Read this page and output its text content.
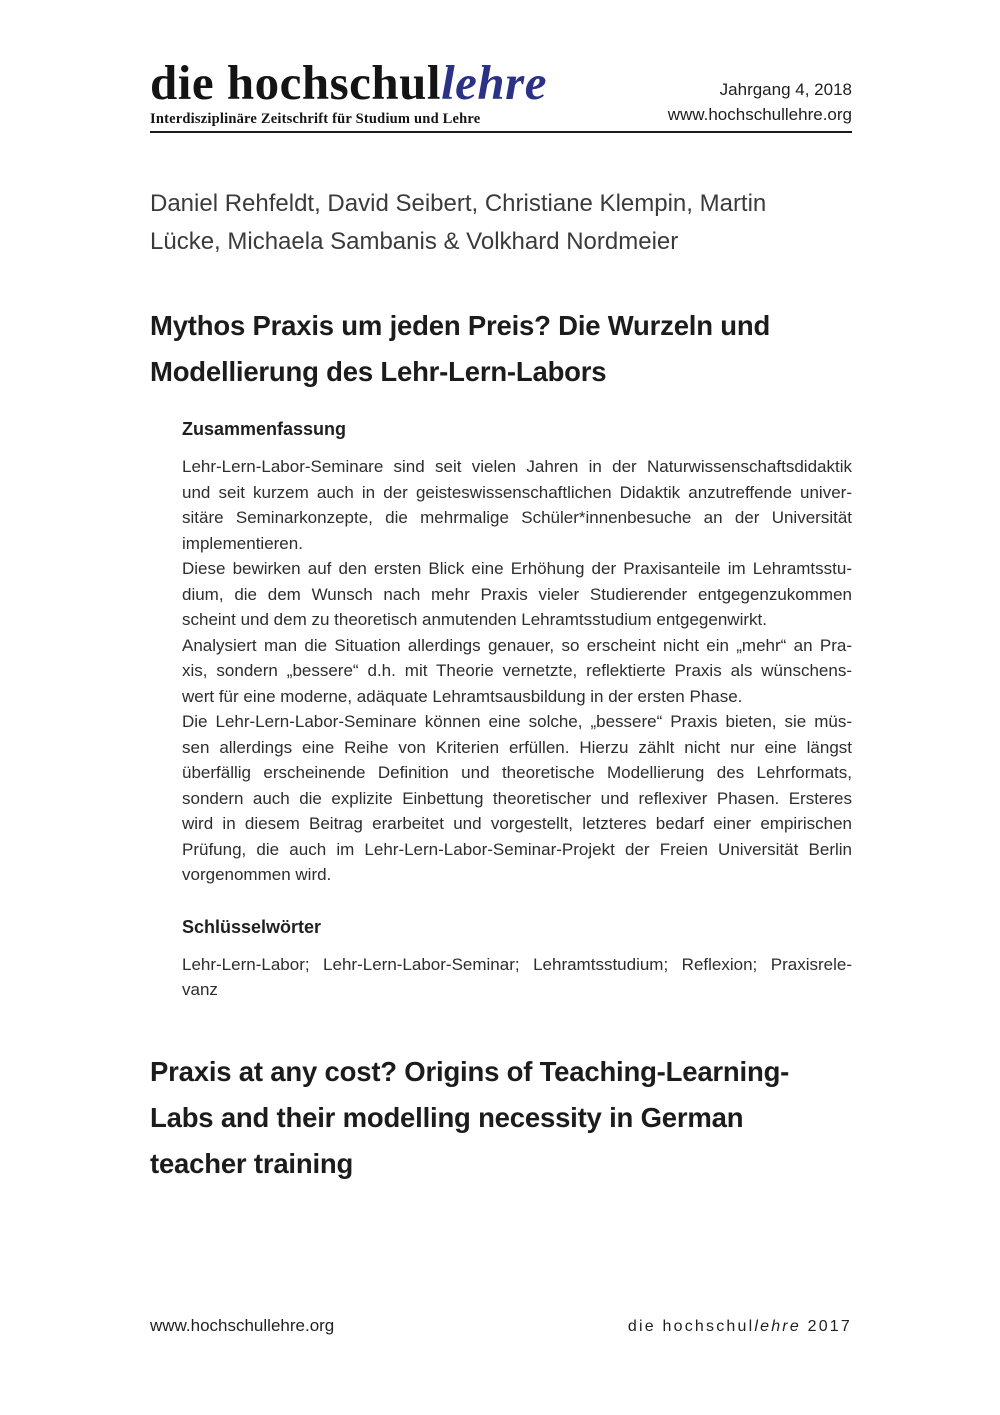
die hochschullehre
Interdisziplinäre Zeitschrift für Studium und Lehre
Jahrgang 4, 2018
www.hochschullehre.org
Daniel Rehfeldt, David Seibert, Christiane Klempin, Martin
Lücke, Michaela Sambanis & Volkhard Nordmeier
Mythos Praxis um jeden Preis? Die Wurzeln und
Modellierung des Lehr-Lern-Labors
Zusammenfassung
Lehr-Lern-Labor-Seminare sind seit vielen Jahren in der Naturwissenschaftsdidaktik
und seit kurzem auch in der geisteswissenschaftlichen Didaktik anzutreffende univer-
sitäre Seminarkonzepte, die mehrmalige Schüler*innenbesuche an der Universität
implementieren.
Diese bewirken auf den ersten Blick eine Erhöhung der Praxisanteile im Lehramtsstu-
dium, die dem Wunsch nach mehr Praxis vieler Studierender entgegenzukommen
scheint und dem zu theoretisch anmutenden Lehramtsstudium entgegenwirkt.
Analysiert man die Situation allerdings genauer, so erscheint nicht ein „mehr“ an Pra-
xis, sondern „bessere“ d.h. mit Theorie vernetzte, reflektierte Praxis als wünschens-
wert für eine moderne, adäquate Lehramtsausbildung in der ersten Phase.
Die Lehr-Lern-Labor-Seminare können eine solche, „bessere“ Praxis bieten, sie müs-
sen allerdings eine Reihe von Kriterien erfüllen. Hierzu zählt nicht nur eine längst
überfällig erscheinende Definition und theoretische Modellierung des Lehrformats,
sondern auch die explizite Einbettung theoretischer und reflexiver Phasen. Ersteres
wird in diesem Beitrag erarbeitet und vorgestellt, letzteres bedarf einer empirischen
Prüfung, die auch im Lehr-Lern-Labor-Seminar-Projekt der Freien Universität Berlin
vorgenommen wird.
Schlüsselwörter
Lehr-Lern-Labor; Lehr-Lern-Labor-Seminar; Lehramtsstudium; Reflexion; Praxisrele-
vanz
Praxis at any cost? Origins of Teaching-Learning-
Labs and their modelling necessity in German
teacher training
www.hochschullehre.org	die hochschullehre 2017
